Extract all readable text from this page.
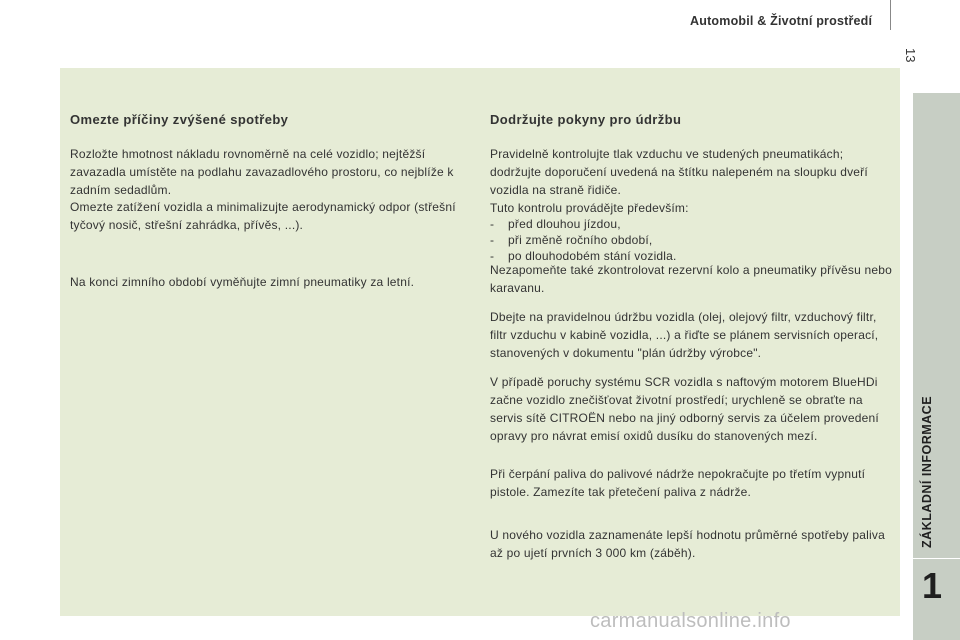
Automobil & Životní prostředí
13
Omezte příčiny zvýšené spotřeby

Rozložte hmotnost nákladu rovnoměrně na celé vozidlo; nejtěžší zavazadla umístěte na podlahu zavazadlového prostoru, co nejblíže k zadním sedadlům.

Omezte zatížení vozidla a minimalizujte aerodynamický odpor (střešní tyčový nosič, střešní zahrádka, přívěs, ...).

Na konci zimního období vyměňujte zimní pneumatiky za letní.

Dodržujte pokyny pro údržbu

Pravidelně kontrolujte tlak vzduchu ve studených pneumatikách; dodržujte doporučení uvedená na štítku nalepeném na sloupku dveří vozidla na straně řidiče.

Tuto kontrolu provádějte především:

- před dlouhou jízdou,
- při změně ročního období,
- po dlouhodobém stání vozidla.

Nezapomeňte také zkontrolovat rezervní kolo a pneumatiky přívěsu nebo karavanu.

Dbejte na pravidelnou údržbu vozidla (olej, olejový filtr, vzduchový filtr, filtr vzduchu v kabině vozidla, ...) a řiďte se plánem servisních operací, stanovených v dokumentu "plán údržby výrobce".

V případě poruchy systému SCR vozidla s naftovým motorem BlueHDi začne vozidlo znečišťovat životní prostředí; urychleně se obraťte na servis sítě CITROËN nebo na jiný odborný servis za účelem provedení opravy pro návrat emisí oxidů dusíku do stanovených mezí.

Při čerpání paliva do palivové nádrže nepokračujte po třetím vypnutí pistole. Zamezíte tak přetečení paliva z nádrže.

U nového vozidla zaznamenáte lepší hodnotu průměrné spotřeby paliva až po ujetí prvních 3 000 km (záběh).

ZÁKLADNÍ INFORMACE
1
carmanualsonline.info
